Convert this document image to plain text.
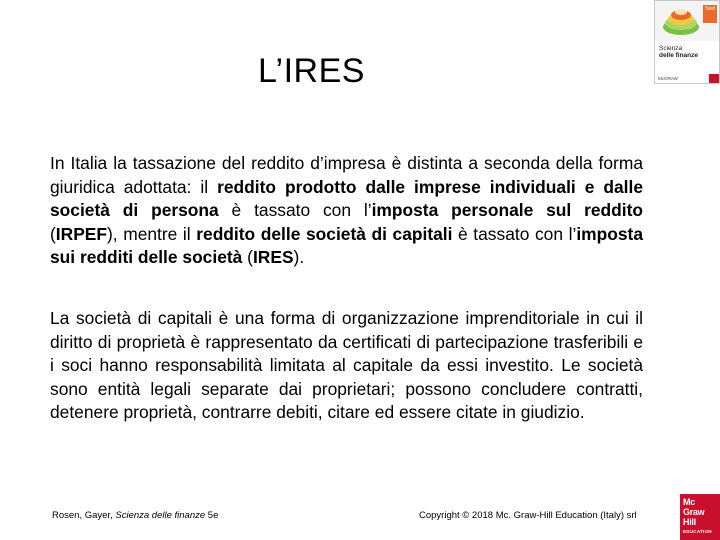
L’IRES

In Italia la tassazione del reddito d’impresa è distinta a seconda della forma giuridica adottata: il reddito prodotto dalle imprese individuali e dalle società di persona è tassato con l’imposta personale sul reddito (IRPEF), mentre il reddito delle società di capitali è tassato con l’imposta sui redditi delle società (IRES).

La società di capitali è una forma di organizzazione imprenditoriale in cui il diritto di proprietà è rappresentato da certificati di partecipazione trasferibili e i soci hanno responsabilità limitata al capitale da essi investito. Le società sono entità legali separate dai proprietari; possono concludere contratti, detenere proprietà, contrarre debiti, citare ed essere citate in giudizio.

Rosen, Gayer, Scienza delle finanze 5e	Copyright © 2018 Mc. Graw-Hill Education (Italy) srl
5/ed
Scienza
delle finanze
McGRAW
Mc
Graw
Hill
EDUCATION
